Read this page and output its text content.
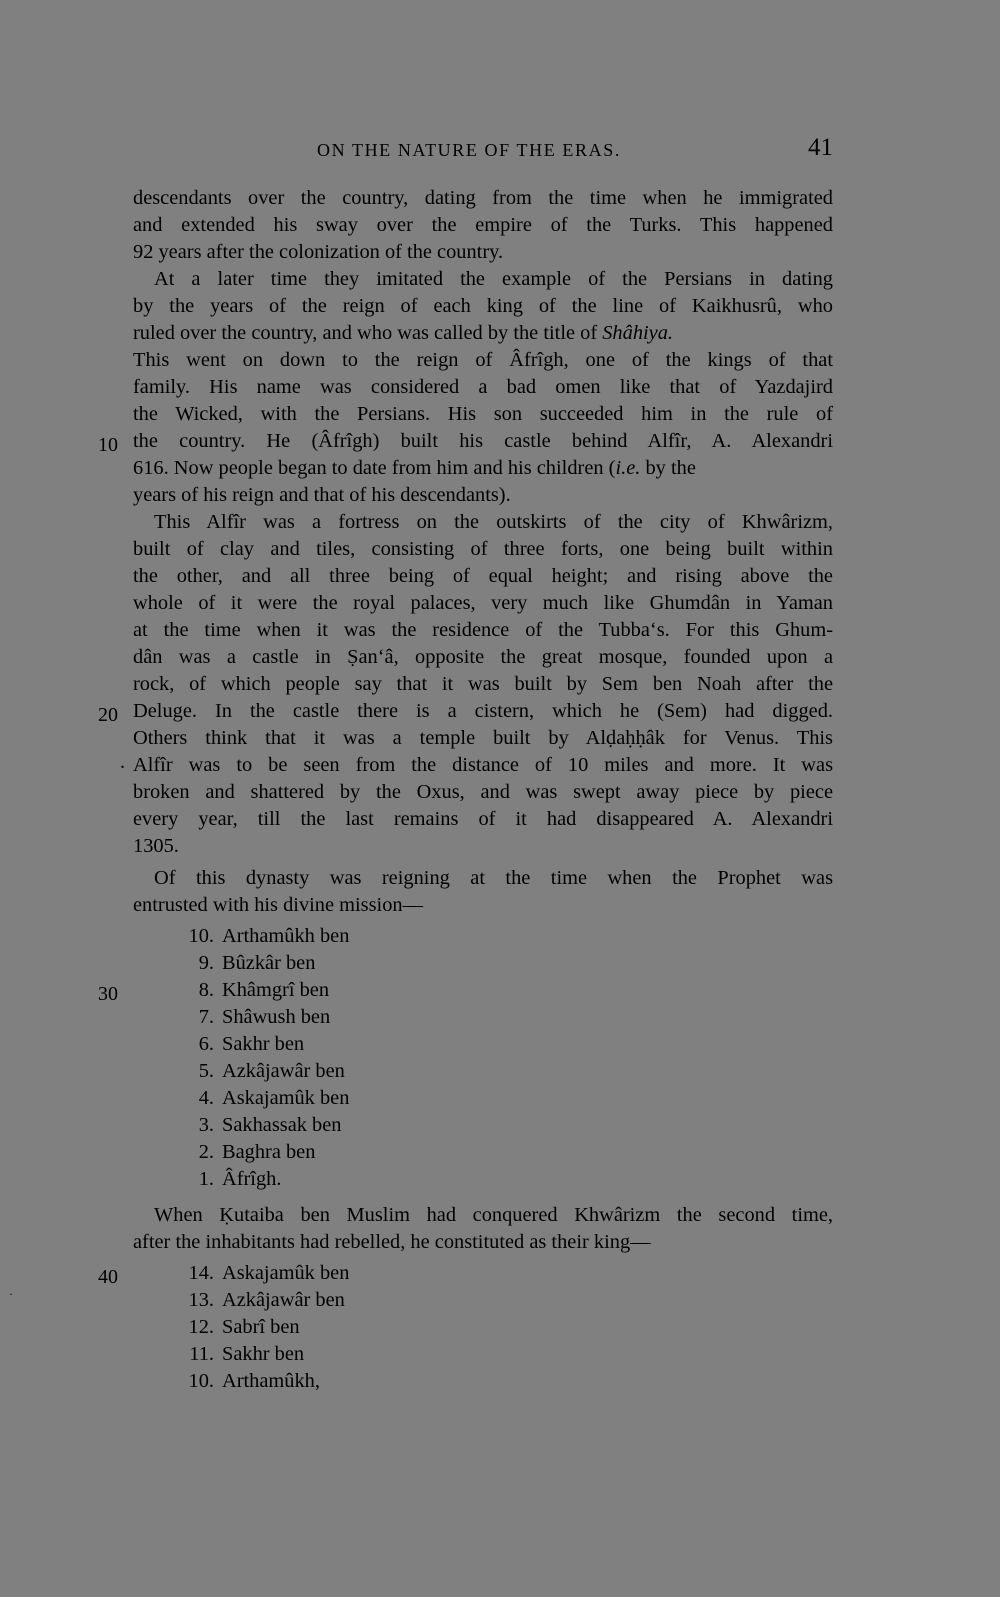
ON THE NATURE OF THE ERAS.	41
descendants over the country, dating from the time when he immigrated
and extended his sway over the empire of the Turks. This happened
92 years after the colonization of the country.
At a later time they imitated the example of the Persians in dating
by the years of the reign of each king of the line of Kaikhusrû, who
ruled over the country, and who was called by the title of Shâhiya.
This went on down to the reign of Âfrîgh, one of the kings of that
family. His name was considered a bad omen like that of Yazdajird
the Wicked, with the Persians. His son succeeded him in the rule of
the country. He (Âfrîgh) built his castle behind Alfîr, A. Alexandri
616. Now people began to date from him and his children (i.e. by the
years of his reign and that of his descendants).
This Alfîr was a fortress on the outskirts of the city of Khwârizm,
built of clay and tiles, consisting of three forts, one being built within
the other, and all three being of equal height; and rising above the
whole of it were the royal palaces, very much like Ghumdân in Yaman
at the time when it was the residence of the Tubba‘s. For this Ghum-
dân was a castle in Ṣan‘â, opposite the great mosque, founded upon a
rock, of which people say that it was built by Sem ben Noah after the
Deluge. In the castle there is a cistern, which he (Sem) had digged.
Others think that it was a temple built by Alḍaḥḥâk for Venus. This
Alfîr was to be seen from the distance of 10 miles and more. It was
broken and shattered by the Oxus, and was swept away piece by piece
every year, till the last remains of it had disappeared A. Alexandri
1305.
Of this dynasty was reigning at the time when the Prophet was
entrusted with his divine mission—
10. Arthamûkh ben
9. Bûzkâr ben
8. Khâmgrî ben
7. Shâwush ben
6. Sakhr ben
5. Azkâjawâr ben
4. Askajamûk ben
3. Sakhassak ben
2. Baghra ben
1. Âfrîgh.
When Ḳutaiba ben Muslim had conquered Khwârizm the second time,
after the inhabitants had rebelled, he constituted as their king—
14. Askajamûk ben
13. Azkâjawâr ben
12. Sabrî ben
11. Sakhr ben
10. Arthamûkh,
10
20
30
40
.
·
